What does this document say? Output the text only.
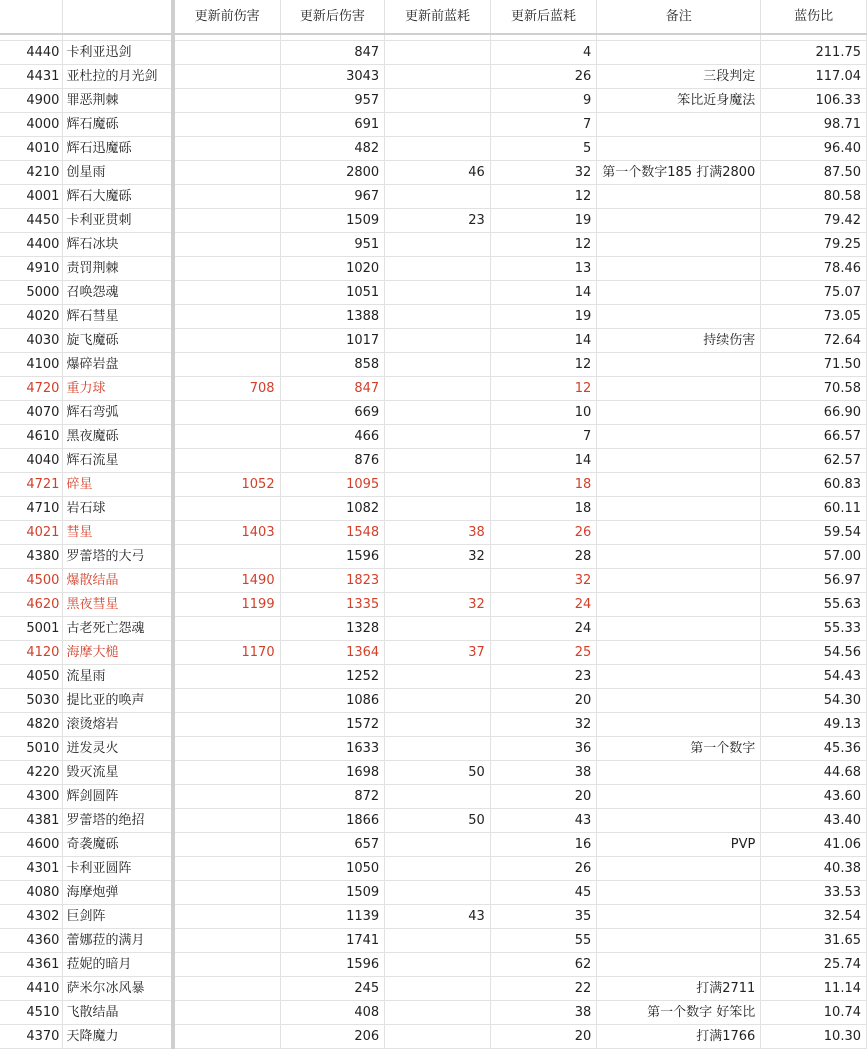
		更新前伤害	更新后伤害	更新前蓝耗	更新后蓝耗	备注	蓝伤比

4440	卡利亚迅剑		847		4		211.75
4431	亚杜拉的月光剑		3043		26	三段判定	117.04
4900	罪恶荆棘		957		9	笨比近身魔法	106.33
4000	辉石魔砾		691		7		98.71
4010	辉石迅魔砾		482		5		96.40
4210	创星雨		2800	46	32	第一个数字185 打满2800	87.50
4001	辉石大魔砾		967		12		80.58
4450	卡利亚贯刺		1509	23	19		79.42
4400	辉石冰块		951		12		79.25
4910	责罚荆棘		1020		13		78.46
5000	召唤怨魂		1051		14		75.07
4020	辉石彗星		1388		19		73.05
4030	旋飞魔砾		1017		14	持续伤害	72.64
4100	爆碎岩盘		858		12		71.50
4720	重力球	708	847		12		70.58
4070	辉石弯弧		669		10		66.90
4610	黑夜魔砾		466		7		66.57
4040	辉石流星		876		14		62.57
4721	碎星	1052	1095		18		60.83
4710	岩石球		1082		18		60.11
4021	彗星	1403	1548	38	26		59.54
4380	罗蕾塔的大弓		1596	32	28		57.00
4500	爆散结晶	1490	1823		32		56.97
4620	黑夜彗星	1199	1335	32	24		55.63
5001	古老死亡怨魂		1328		24		55.33
4120	海摩大槌	1170	1364	37	25		54.56
4050	流星雨		1252		23		54.43
5030	提比亚的唤声		1086		20		54.30
4820	滚烫熔岩		1572		32		49.13
5010	迸发灵火		1633		36	第一个数字	45.36
4220	毁灭流星		1698	50	38		44.68
4300	辉剑圆阵		872		20		43.60
4381	罗蕾塔的绝招		1866	50	43		43.40
4600	奇袭魔砾		657		16	PVP	41.06
4301	卡利亚圆阵		1050		26		40.38
4080	海摩炮弹		1509		45		33.53
4302	巨剑阵		1139	43	35		32.54
4360	蕾娜菈的满月		1741		55		31.65
4361	菈妮的暗月		1596		62		25.74
4410	萨米尔冰风暴		245		22	打满2711	11.14
4510	飞散结晶		408		38	第一个数字 好笨比	10.74
4370	天降魔力		206		20	打满1766	10.30
